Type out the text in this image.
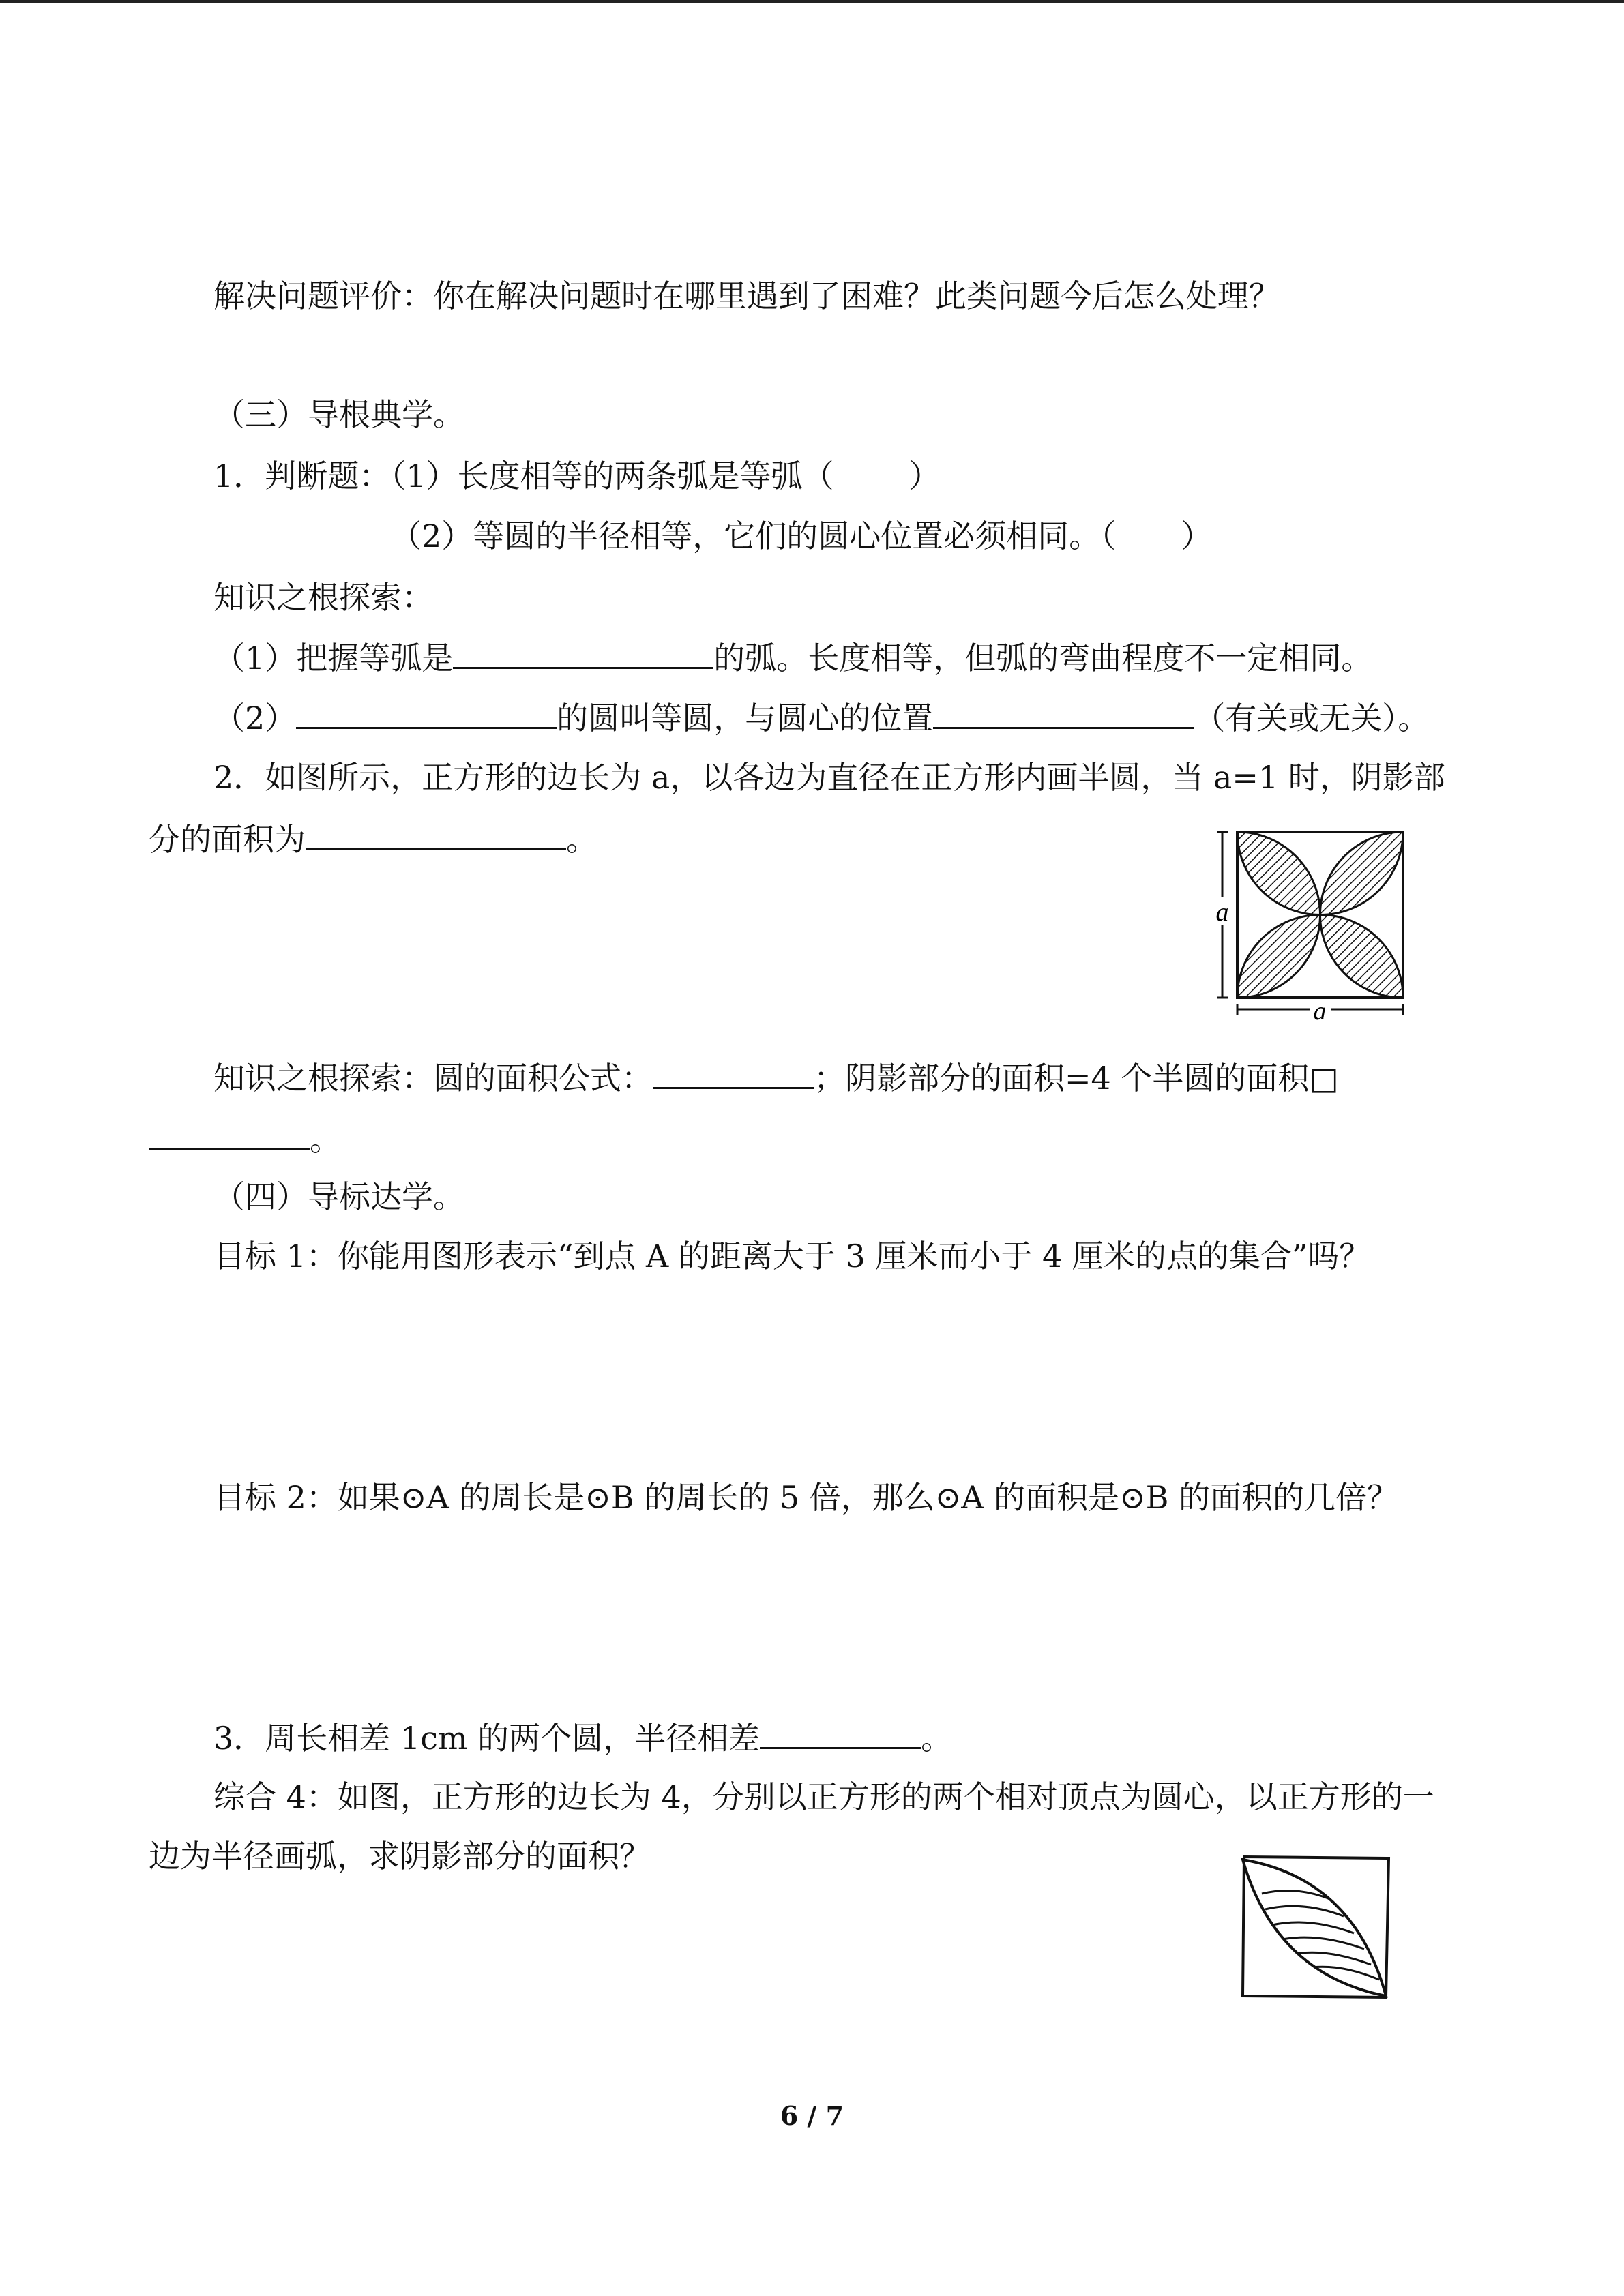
解决问题评价：你在解决问题时在哪里遇到了困难？此类问题今后怎么处理？
（三）导根典学。
1．判断题：（1）长度相等的两条弧是等弧（ ）
（2）等圆的半径相等，它们的圆心位置必须相同。（ ）
知识之根探索：
（1）把握等弧是	的弧。长度相等，但弧的弯曲程度不一定相同。
（2）	的圆叫等圆，与圆心的位置	（有关或无关）。
2．如图所示，正方形的边长为 a，以各边为直径在正方形内画半圆，当 a=1 时，阴影部
分的面积为	。
a
a
知识之根探索：圆的面积公式：	；阴影部分的面积=4 个半圆的面积□
。
（四）导标达学。
目标 1：你能用图形表示“到点 A 的距离大于 3 厘米而小于 4 厘米的点的集合”吗？
目标 2：如果⊙A 的周长是⊙B 的周长的 5 倍，那么⊙A 的面积是⊙B 的面积的几倍？
3．周长相差 1cm 的两个圆，半径相差	。
综合 4：如图，正方形的边长为 4，分别以正方形的两个相对顶点为圆心，以正方形的一
边为半径画弧，求阴影部分的面积？
6 / 7
